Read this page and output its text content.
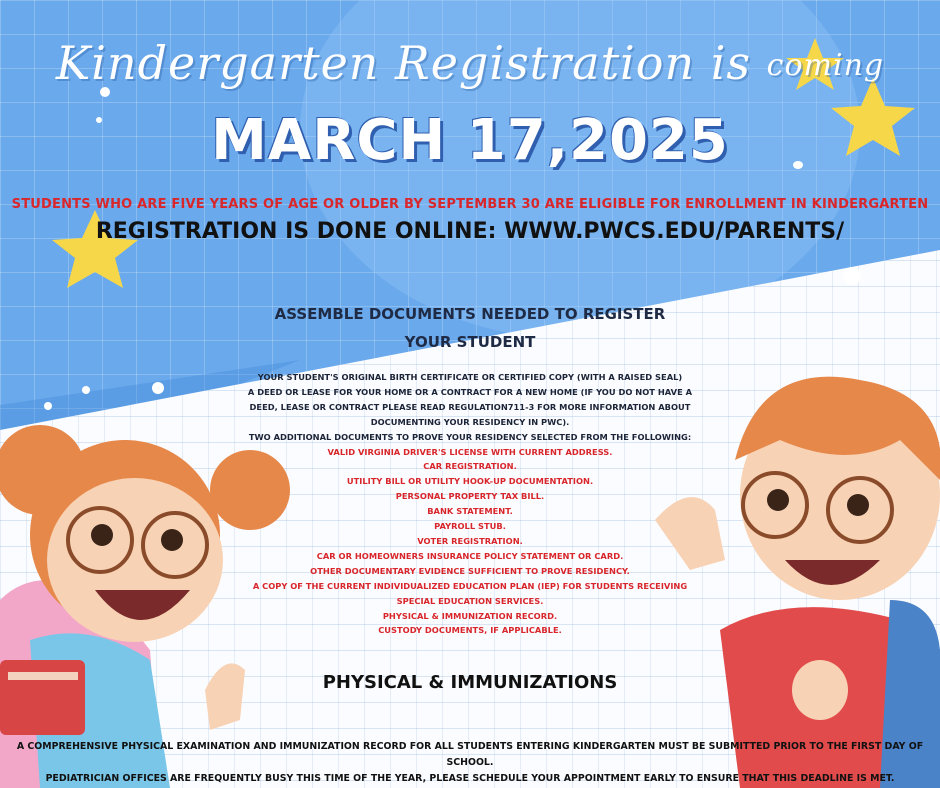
Kindergarten Registration is coming
MARCH 17,2025
STUDENTS WHO ARE FIVE YEARS OF AGE OR OLDER BY SEPTEMBER 30 ARE ELIGIBLE FOR ENROLLMENT IN KINDERGARTEN
REGISTRATION IS DONE ONLINE: WWW.PWCS.EDU/PARENTS/
ASSEMBLE DOCUMENTS NEEDED TO REGISTER YOUR STUDENT
YOUR STUDENT'S ORIGINAL BIRTH CERTIFICATE OR CERTIFIED COPY (WITH A RAISED SEAL)
A DEED OR LEASE FOR YOUR HOME OR A CONTRACT FOR A NEW HOME (IF YOU DO NOT HAVE A DEED, LEASE OR CONTRACT PLEASE READ REGULATION711-3 FOR MORE INFORMATION ABOUT DOCUMENTING YOUR RESIDENCY IN PWC).
TWO ADDITIONAL DOCUMENTS TO PROVE YOUR RESIDENCY SELECTED FROM THE FOLLOWING:
VALID VIRGINIA DRIVER'S LICENSE WITH CURRENT ADDRESS.
CAR REGISTRATION.
UTILITY BILL OR UTILITY HOOK-UP DOCUMENTATION.
PERSONAL PROPERTY TAX BILL.
BANK STATEMENT.
PAYROLL STUB.
VOTER REGISTRATION.
CAR OR HOMEOWNERS INSURANCE POLICY STATEMENT OR CARD.
OTHER DOCUMENTARY EVIDENCE SUFFICIENT TO PROVE RESIDENCY.
A COPY OF THE CURRENT INDIVIDUALIZED EDUCATION PLAN (IEP) FOR STUDENTS RECEIVING SPECIAL EDUCATION SERVICES.
PHYSICAL & IMMUNIZATION RECORD.
CUSTODY DOCUMENTS, IF APPLICABLE.
PHYSICAL & IMMUNIZATIONS
A COMPREHENSIVE PHYSICAL EXAMINATION AND IMMUNIZATION RECORD FOR ALL STUDENTS ENTERING KINDERGARTEN MUST BE SUBMITTED PRIOR TO THE FIRST DAY OF SCHOOL.
PEDIATRICIAN OFFICES ARE FREQUENTLY BUSY THIS TIME OF THE YEAR, PLEASE SCHEDULE YOUR APPOINTMENT EARLY TO ENSURE THAT THIS DEADLINE IS MET.
